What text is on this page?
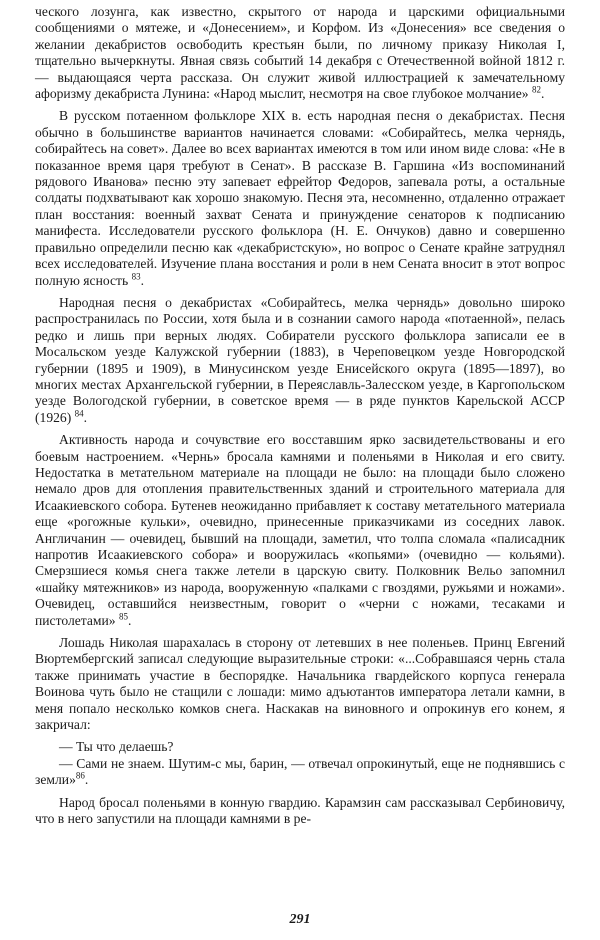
ческого лозунга, как известно, скрытого от народа и царскими официальными сообщениями о мятеже, и «Донесением», и Корфом. Из «Донесения» все сведения о желании декабристов освободить крестьян были, по личному приказу Николая I, тщательно вычеркнуты. Явная связь событий 14 декабря с Отечественной войной 1812 г. — выдающаяся черта рассказа. Он служит живой иллюстрацией к замечательному афоризму декабриста Лунина: «Народ мыслит, несмотря на свое глубокое молчание» $^{82}$.

В русском потаенном фольклоре XIX в. есть народная песня о декабристах. Песня обычно в большинстве вариантов начинается словами: «Собирайтесь, мелка чернядь, собирайтесь на совет». Далее во всех вариантах имеются в том или ином виде слова: «Не в показанное время царя требуют в Сенат». В рассказе В. Гаршина «Из воспоминаний рядового Иванова» песню эту запевает ефрейтор Федоров, запевала роты, а остальные солдаты подхватывают как хорошо знакомую. Песня эта, несомненно, отдаленно отражает план восстания: военный захват Сената и принуждение сенаторов к подписанию манифеста. Исследователи русского фольклора (Н. Е. Ончуков) давно и совершенно правильно определили песню как «декабристскую», но вопрос о Сенате крайне затруднял всех исследователей. Изучение плана восстания и роли в нем Сената вносит в этот вопрос полную ясность $^{83}$.

Народная песня о декабристах «Собирайтесь, мелка чернядь» довольно широко распространилась по России, хотя была и в сознании самого народа «потаенной», пелась редко и лишь при верных людях. Собиратели русского фольклора записали ее в Мосальском уезде Калужской губернии (1883), в Череповецком уезде Новгородской губернии (1895 и 1909), в Минусинском уезде Енисейского округа (1895—1897), во многих местах Архангельской губернии, в Переяславль-Залесском уезде, в Каргопольском уезде Вологодской губернии, в советское время — в ряде пунктов Карельской АССР (1926) $^{84}$.

Активность народа и сочувствие его восставшим ярко засвидетельствованы и его боевым настроением. «Чернь» бросала камнями и поленьями в Николая и его свиту. Недостатка в метательном материале на площади не было: на площади было сложено немало дров для отопления правительственных зданий и строительного материала для Исаакиевского собора. Бутенев неожиданно прибавляет к составу метательного материала еще «рогожные кульки», очевидно, принесенные приказчиками из соседних лавок. Англичанин — очевидец, бывший на площади, заметил, что толпа сломала «палисадник напротив Исаакиевского собора» и вооружилась «копьями» (очевидно — кольями). Смерзшиеся комья снега также летели в царскую свиту. Полковник Вельо запомнил «шайку мятежников» из народа, вооруженную «палками с гвоздями, ружьями и ножами». Очевидец, оставшийся неизвестным, говорит о «черни с ножами, тесаками и пистолетами» $^{85}$.

Лошадь Николая шарахалась в сторону от летевших в нее поленьев. Принц Евгений Вюртембергский записал следующие выразительные строки: «...Собравшаяся чернь стала также принимать участие в беспорядке. Начальника гвардейского корпуса генерала Воинова чуть было не стащили с лошади: мимо адъютантов императора летали камни, в меня попало несколько комков снега. Наскакав на виновного и опрокинув его конем, я закричал:

— Ты что делаешь?

— Сами не знаем. Шутим-с мы, барин, — отвечал опрокинутый, еще не поднявшись с земли»$^{86}$.

Народ бросал поленьями в конную гвардию. Карамзин сам рассказывал Сербиновичу, что в него запустили на площади камнями в ре-

291
